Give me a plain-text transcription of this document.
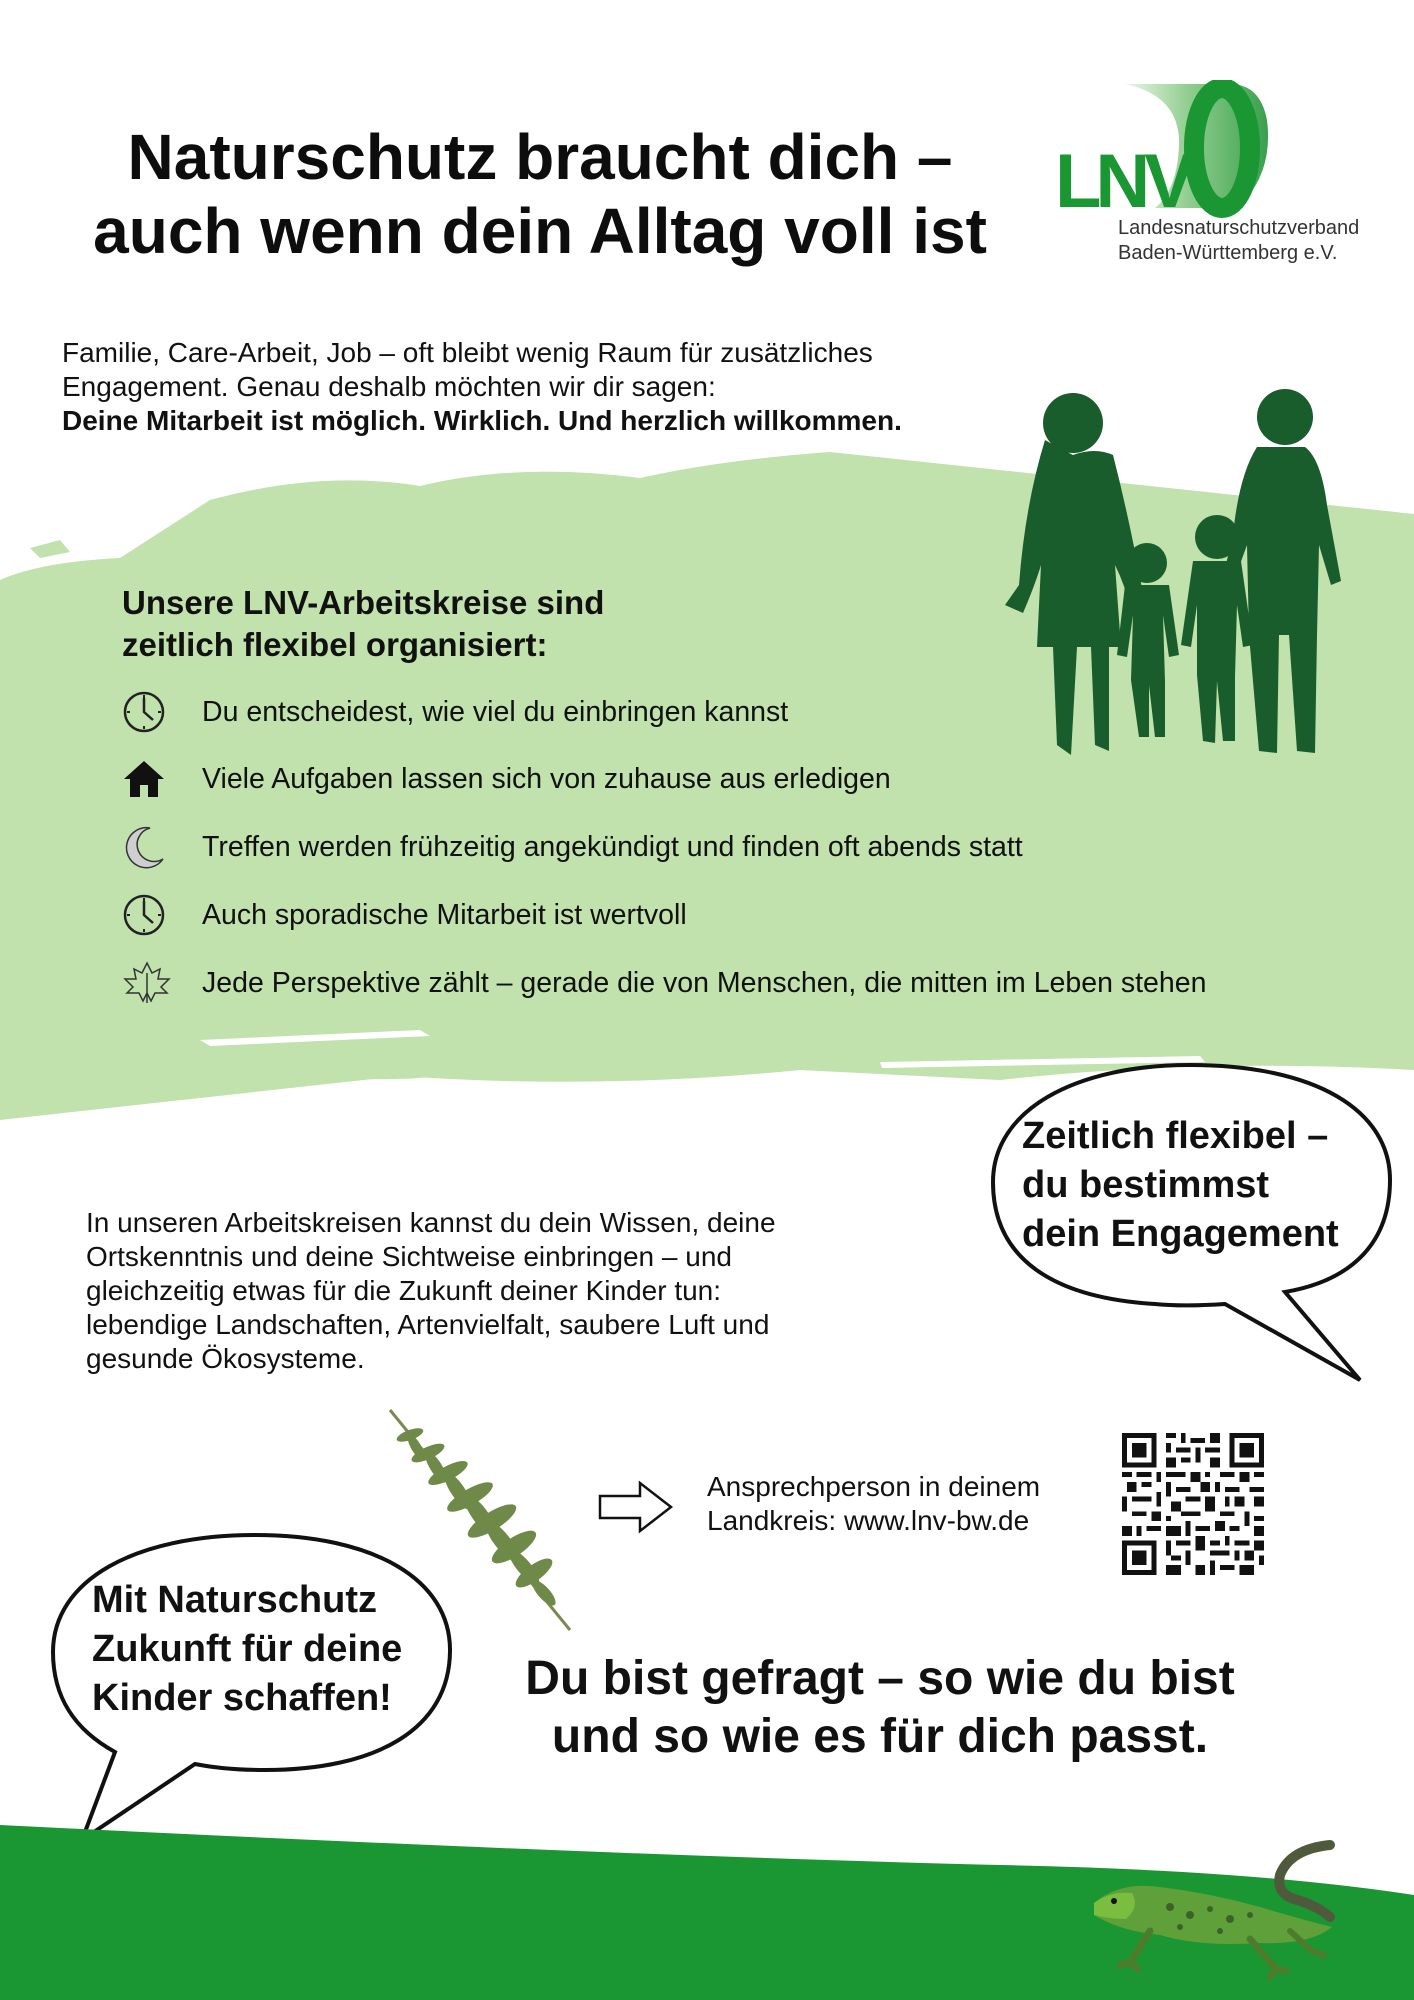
Naturschutz braucht dich –
auch wenn dein Alltag voll ist
LNV
Landesnaturschutzverband
Baden-Württemberg e.V.
Familie, Care-Arbeit, Job – oft bleibt wenig Raum für zusätzliches
Engagement. Genau deshalb möchten wir dir sagen:
Deine Mitarbeit ist möglich. Wirklich. Und herzlich willkommen.
Unsere LNV-Arbeitskreise sind
zeitlich flexibel organisiert:
Du entscheidest, wie viel du einbringen kannst
Viele Aufgaben lassen sich von zuhause aus erledigen
Treffen werden frühzeitig angekündigt und finden oft abends statt
Auch sporadische Mitarbeit ist wertvoll
Jede Perspektive zählt – gerade die von Menschen, die mitten im Leben stehen
In unseren Arbeitskreisen kannst du dein Wissen, deine
Ortskenntnis und deine Sichtweise einbringen – und
gleichzeitig etwas für die Zukunft deiner Kinder tun:
lebendige Landschaften, Artenvielfalt, saubere Luft und
gesunde Ökosysteme.
Zeitlich flexibel –
du bestimmst
dein Engagement
Ansprechperson in deinem
Landkreis: www.lnv-bw.de
Mit Naturschutz
Zukunft für deine
Kinder schaffen!	Du bist gefragt – so wie du bist
und so wie es für dich passt.
